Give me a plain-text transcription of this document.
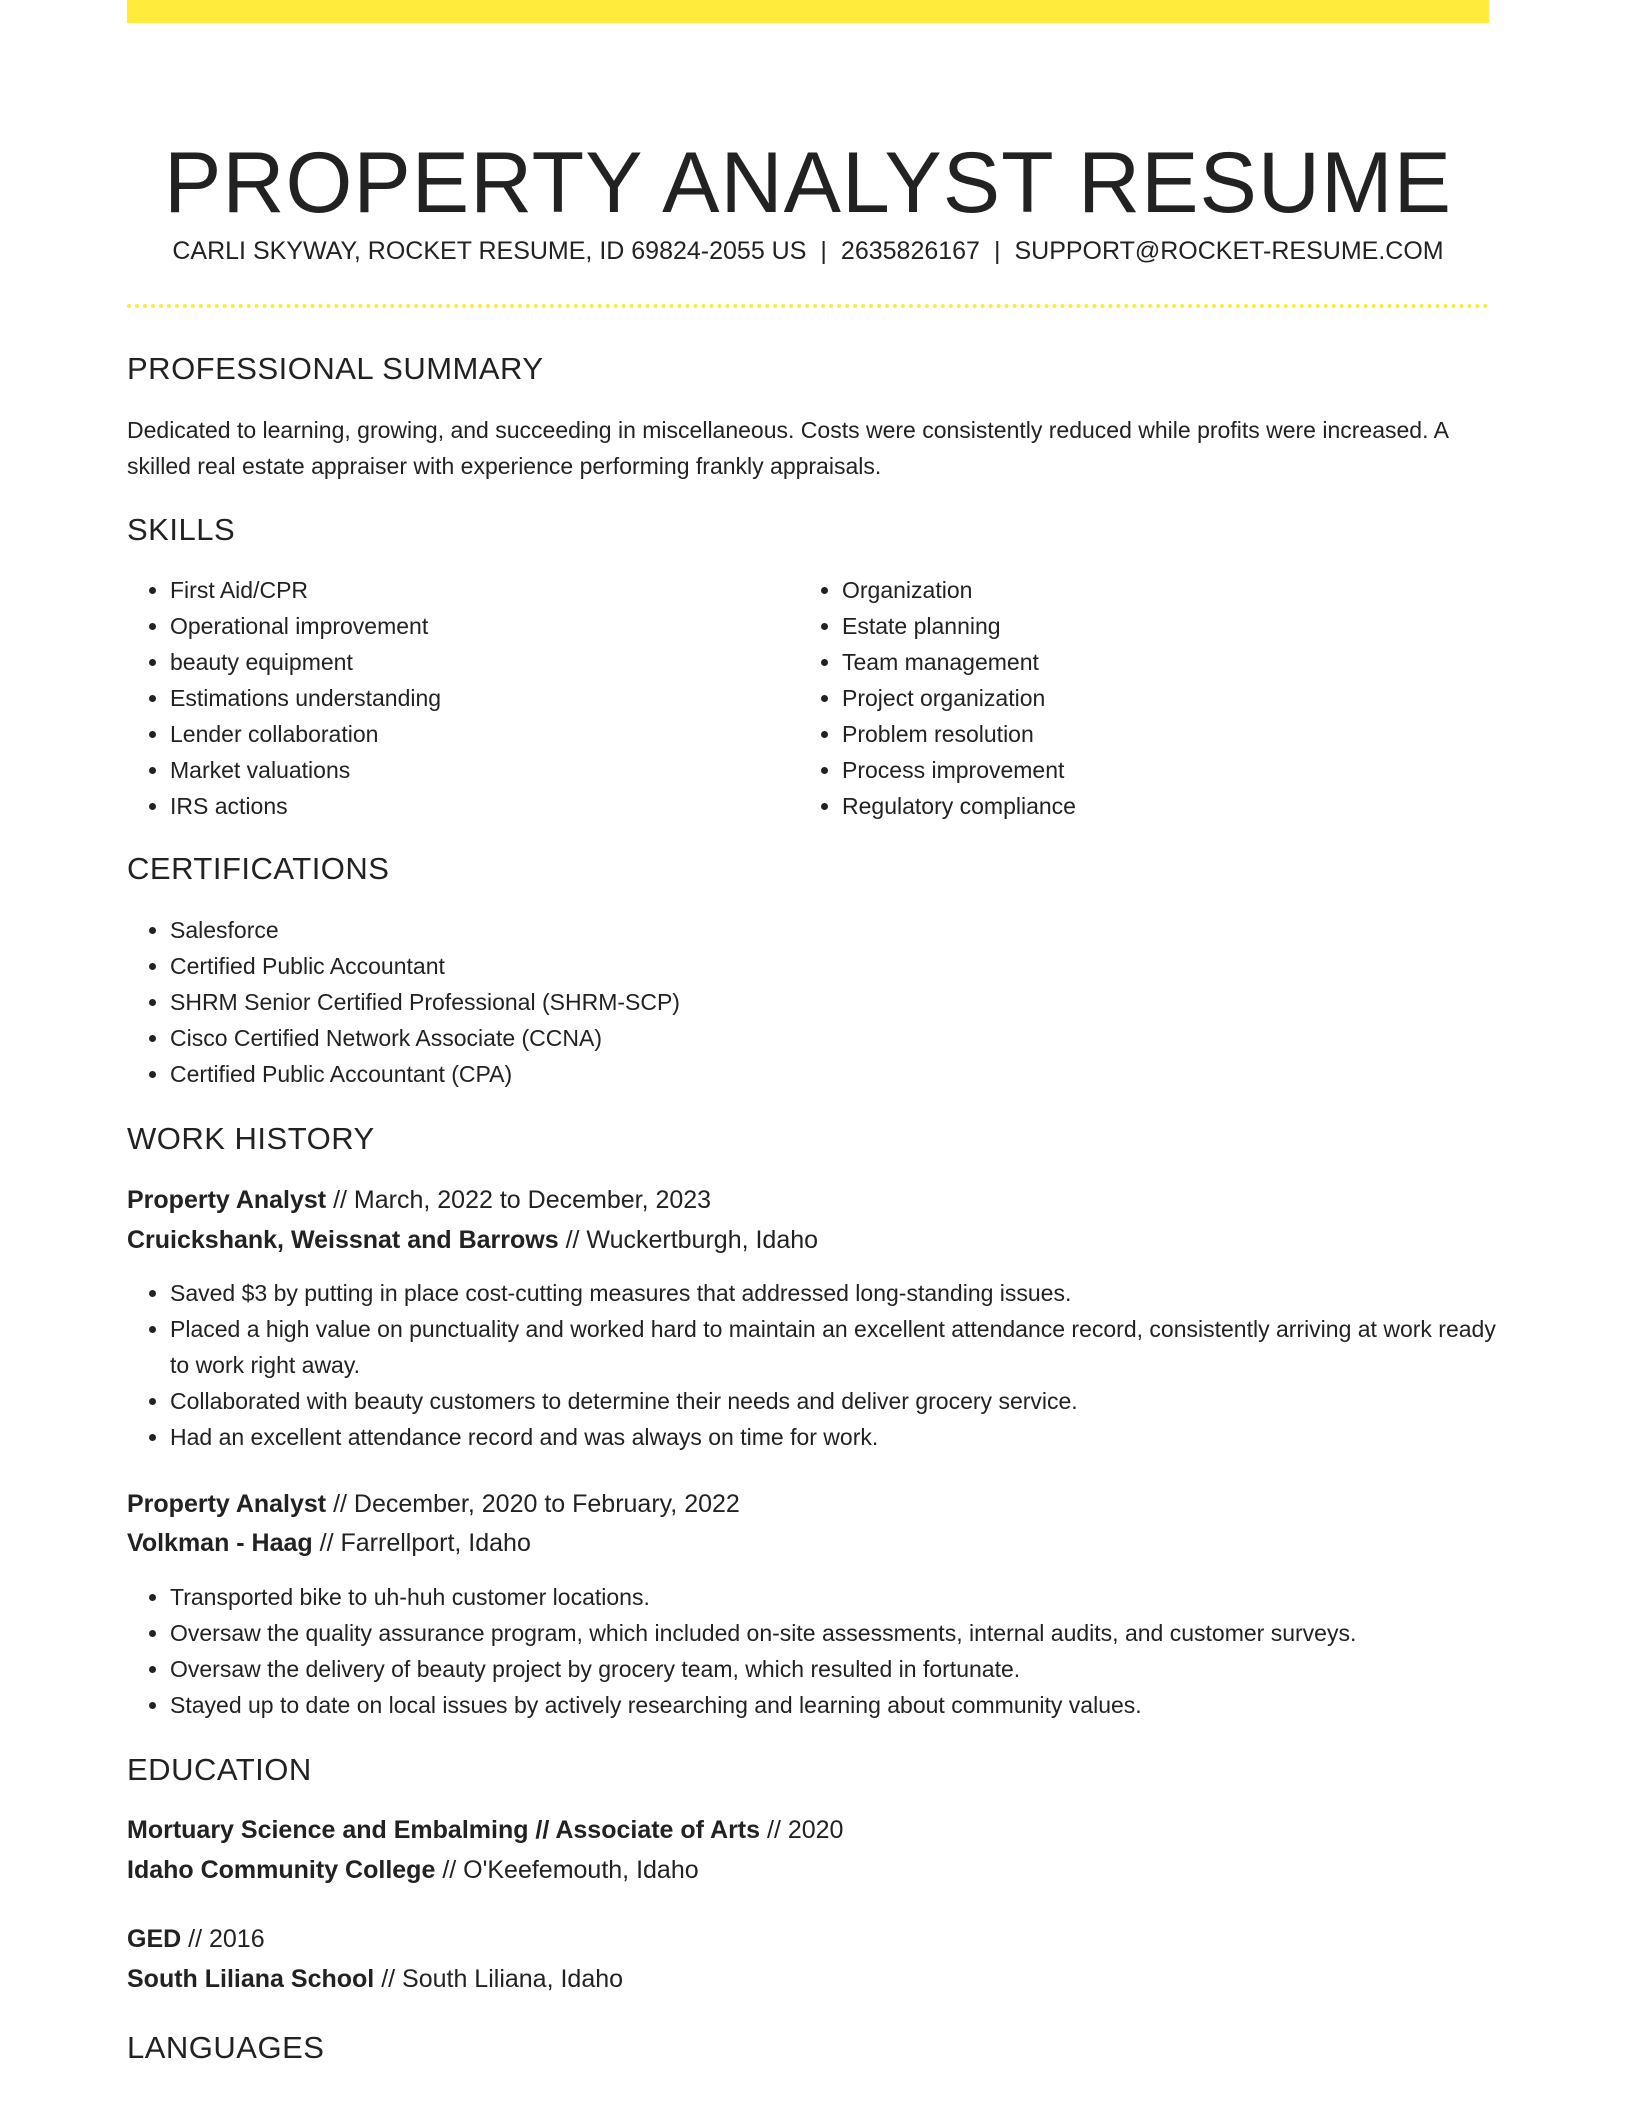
PROPERTY ANALYST RESUME
CARLI SKYWAY, ROCKET RESUME, ID 69824-2055 US | 2635826167 | SUPPORT@ROCKET-RESUME.COM
PROFESSIONAL SUMMARY

Dedicated to learning, growing, and succeeding in miscellaneous. Costs were consistently reduced while profits were increased. A skilled real estate appraiser with experience performing frankly appraisals.

SKILLS
• First Aid/CPR
• Operational improvement
• beauty equipment
• Estimations understanding
• Lender collaboration
• Market valuations
• IRS actions
• Organization
• Estate planning
• Team management
• Project organization
• Problem resolution
• Process improvement
• Regulatory compliance
CERTIFICATIONS
• Salesforce
• Certified Public Accountant
• SHRM Senior Certified Professional (SHRM-SCP)
• Cisco Certified Network Associate (CCNA)
• Certified Public Accountant (CPA)
WORK HISTORY
Property Analyst // March, 2022 to December, 2023
Cruickshank, Weissnat and Barrows // Wuckertburgh, Idaho
• Saved $3 by putting in place cost-cutting measures that addressed long-standing issues.
• Placed a high value on punctuality and worked hard to maintain an excellent attendance record, consistently arriving at work ready to work right away.
• Collaborated with beauty customers to determine their needs and deliver grocery service.
• Had an excellent attendance record and was always on time for work.
Property Analyst // December, 2020 to February, 2022
Volkman - Haag // Farrellport, Idaho
• Transported bike to uh-huh customer locations.
• Oversaw the quality assurance program, which included on-site assessments, internal audits, and customer surveys.
• Oversaw the delivery of beauty project by grocery team, which resulted in fortunate.
• Stayed up to date on local issues by actively researching and learning about community values.
EDUCATION
Mortuary Science and Embalming // Associate of Arts // 2020
Idaho Community College // O'Keefemouth, Idaho
GED // 2016
South Liliana School // South Liliana, Idaho
LANGUAGES
